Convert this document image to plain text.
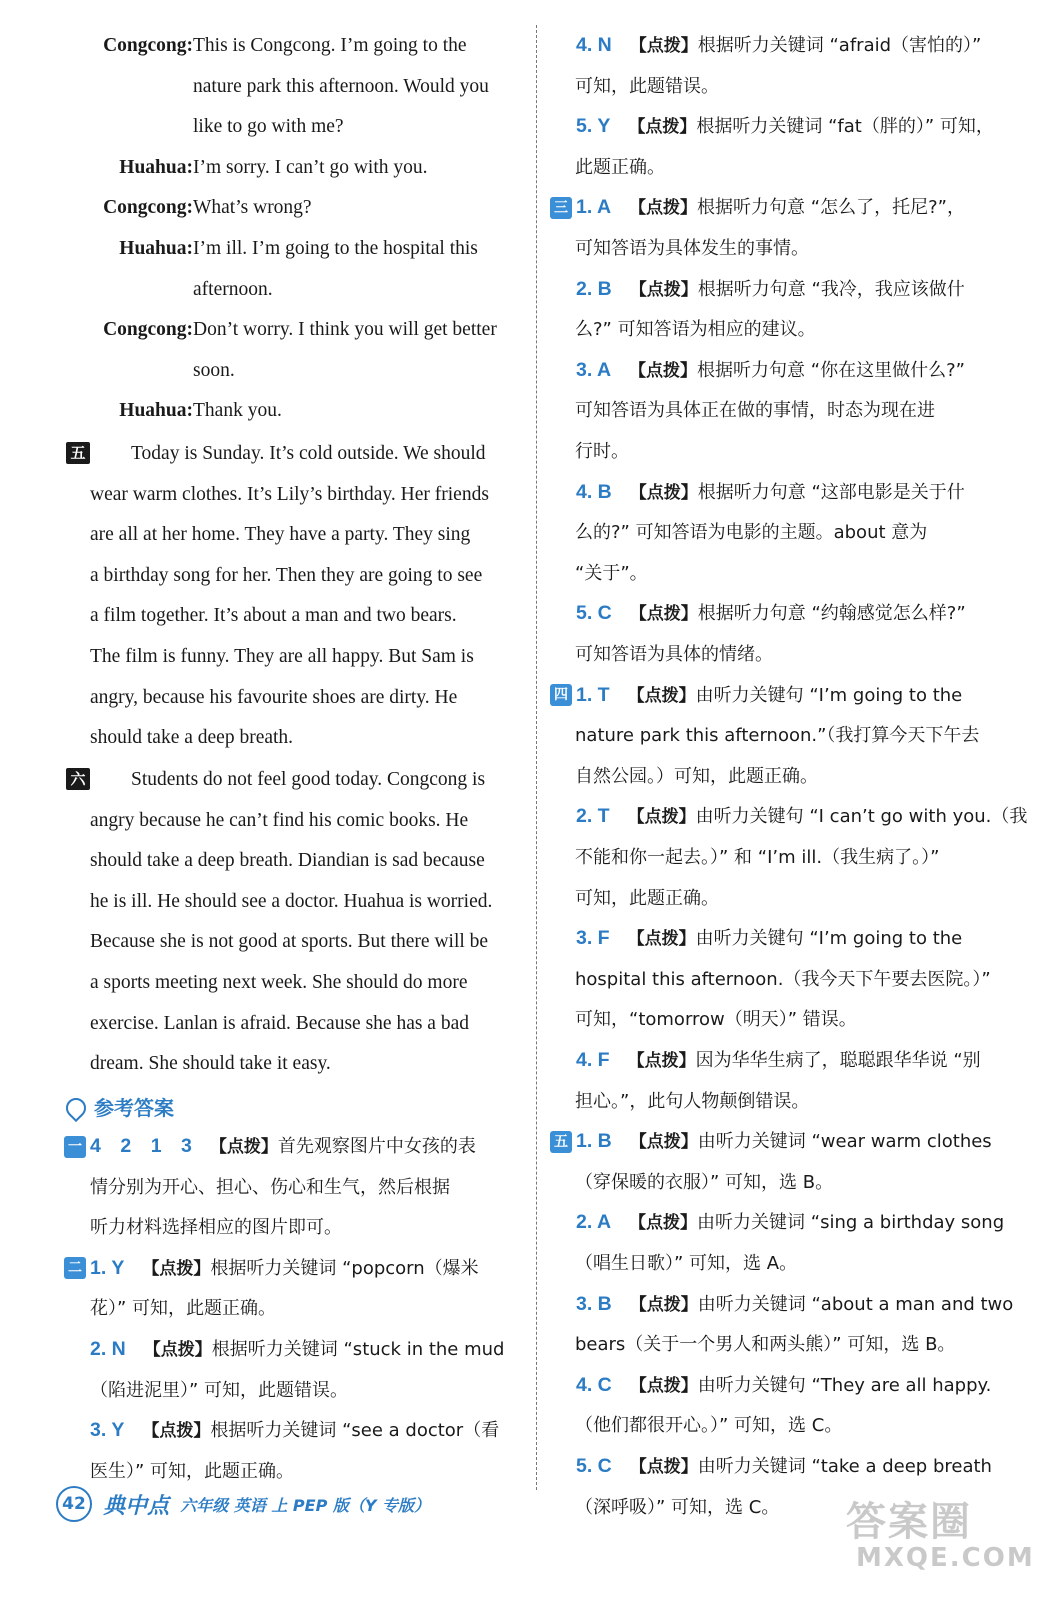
Congcong:This is Congcong. I’m going to the
nature park this afternoon. Would you
like to go with me?
Huahua:I’m sorry. I can’t go with you.
Congcong:What’s wrong?
Huahua:I’m ill. I’m going to the hospital this
afternoon.
Congcong:Don’t worry. I think you will get better
soon.
Huahua:Thank you.
五 Today is Sunday. It’s cold outside. We should
wear warm clothes. It’s Lily’s birthday. Her friends
are all at her home. They have a party. They sing
a birthday song for her. Then they are going to see
a film together. It’s about a man and two bears.
The film is funny. They are all happy. But Sam is
angry, because his favourite shoes are dirty. He
should take a deep breath.
六 Students do not feel good today. Congcong is
angry because he can’t find his comic books. He
should take a deep breath. Diandian is sad because
he is ill. He should see a doctor. Huahua is worried.
Because she is not good at sports. But there will be
a sports meeting next week. She should do more
exercise. Lanlan is afraid. Because she has a bad
dream. She should take it easy.
一 4　2　1　3 【点拨】首先观察图片中女孩的表
情分别为开心、担心、伤心和生气，然后根据
听力材料选择相应的图片即可。
二 1. Y 【点拨】根据听力关键词 “popcorn（爆米
花）” 可知，此题正确。
2. N 【点拨】根据听力关键词 “stuck in the mud
（陷进泥里）” 可知，此题错误。
3. Y 【点拨】根据听力关键词 “see a doctor（看
医生）” 可知，此题正确。
4. N 【点拨】根据听力关键词 “afraid（害怕的）”
可知，此题错误。
5. Y 【点拨】根据听力关键词 “fat（胖的）” 可知，
此题正确。
三 1. A 【点拨】根据听力句意 “怎么了，托尼?”，
可知答语为具体发生的事情。
2. B 【点拨】根据听力句意 “我冷，我应该做什
么?” 可知答语为相应的建议。
3. A 【点拨】根据听力句意 “你在这里做什么?”
可知答语为具体正在做的事情，时态为现在进
行时。
4. B 【点拨】根据听力句意 “这部电影是关于什
么的?” 可知答语为电影的主题。about 意为
“关于”。
5. C 【点拨】根据听力句意 “约翰感觉怎么样?”
可知答语为具体的情绪。
四 1. T 【点拨】由听力关键句 “I’m going to the
nature park this afternoon.”（我打算今天下午去
自然公园。）可知，此题正确。
2. T 【点拨】由听力关键句 “I can’t go with you.（我
不能和你一起去。）” 和 “I’m ill.（我生病了。）”
可知，此题正确。
3. F 【点拨】由听力关键句 “I’m going to the
hospital this afternoon.（我今天下午要去医院。）”
可知，“tomorrow（明天）” 错误。
4. F 【点拨】因为华华生病了，聪聪跟华华说 “别
担心。”，此句人物颠倒错误。
五 1. B 【点拨】由听力关键词 “wear warm clothes
（穿保暖的衣服）” 可知，选 B。
2. A 【点拨】由听力关键词 “sing a birthday song
（唱生日歌）” 可知，选 A。
3. B 【点拨】由听力关键词 “about a man and two
bears（关于一个男人和两头熊）” 可知，选 B。
4. C 【点拨】由听力关键句 “They are all happy.
（他们都很开心。）” 可知，选 C。
5. C 【点拨】由听力关键词 “take a deep breath
（深呼吸）” 可知，选 C。
参考答案
42 典中点 六年级 英语 上 PEP 版（Y 专版）	答案圈
MXQE.COM
